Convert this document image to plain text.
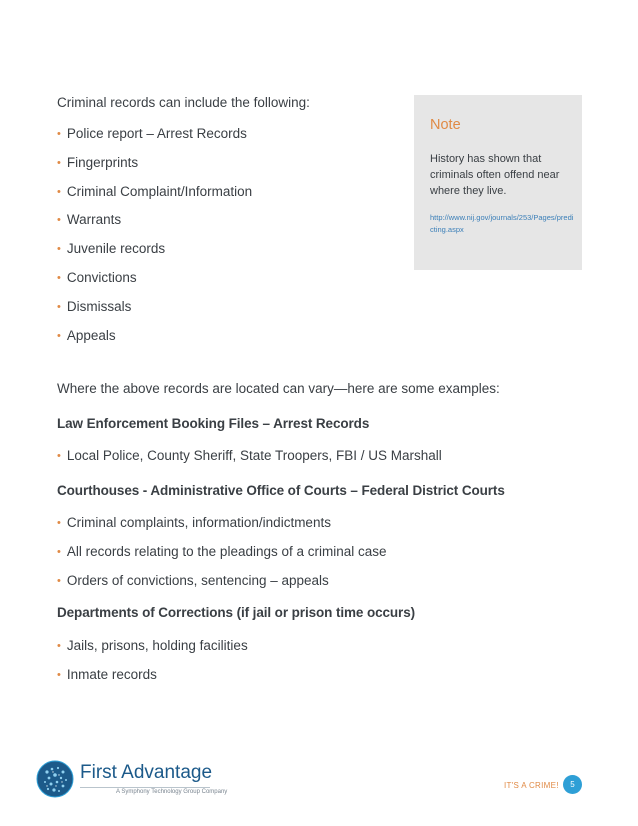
Criminal records can include the following:
• Police report – Arrest Records
• Fingerprints
• Criminal Complaint/Information
• Warrants
• Juvenile records
• Convictions
• Dismissals
• Appeals
Note
History has shown that criminals often offend near where they live.
http://www.nij.gov/journals/253/Pages/predicting.aspx
Where the above records are located can vary—here are some examples:
Law Enforcement Booking Files – Arrest Records
• Local Police, County Sheriff, State Troopers, FBI / US Marshall
Courthouses - Administrative Office of Courts – Federal District Courts
• Criminal complaints, information/indictments
• All records relating to the pleadings of a criminal case
• Orders of convictions, sentencing – appeals
Departments of Corrections (if jail or prison time occurs)
• Jails, prisons, holding facilities
• Inmate records
First Advantage
A Symphony Technology Group Company
IT'S A CRIME!	5
